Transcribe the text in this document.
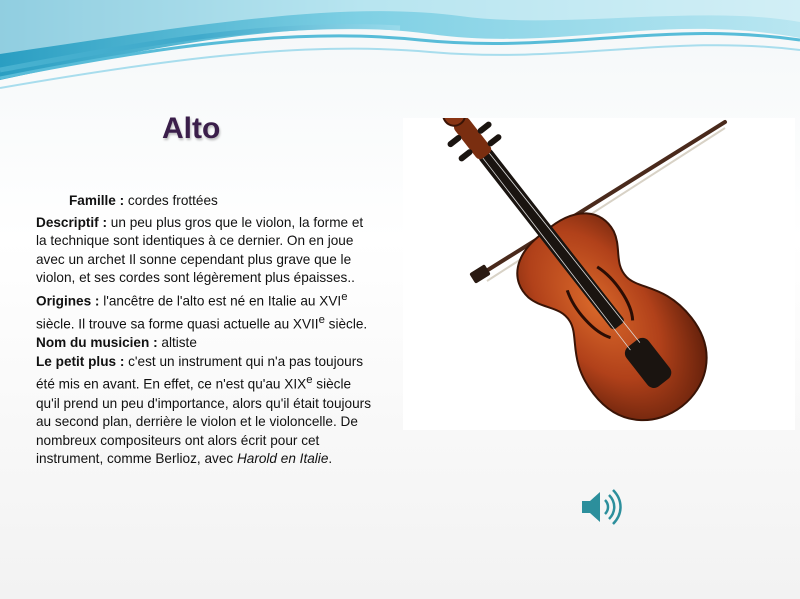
Alto

Famille : cordes frottées

Descriptif : un peu plus gros que le violon, la forme et la technique sont identiques à ce dernier. On en joue avec un archet Il sonne cependant plus grave que le violon, et ses cordes sont légèrement plus épaisses..

Origines : l'ancêtre de l'alto est né en Italie au XVIe siècle. Il trouve sa forme quasi actuelle au XVIIe siècle.

Nom du musicien : altiste

Le petit plus : c'est un instrument qui n'a pas toujours été mis en avant. En effet, ce n'est qu'au XIXe siècle qu'il prend un peu d'importance, alors qu'il était toujours au second plan, derrière le violon et le violoncelle. De nombreux compositeurs ont alors écrit pour cet instrument, comme Berlioz, avec Harold en Italie.
